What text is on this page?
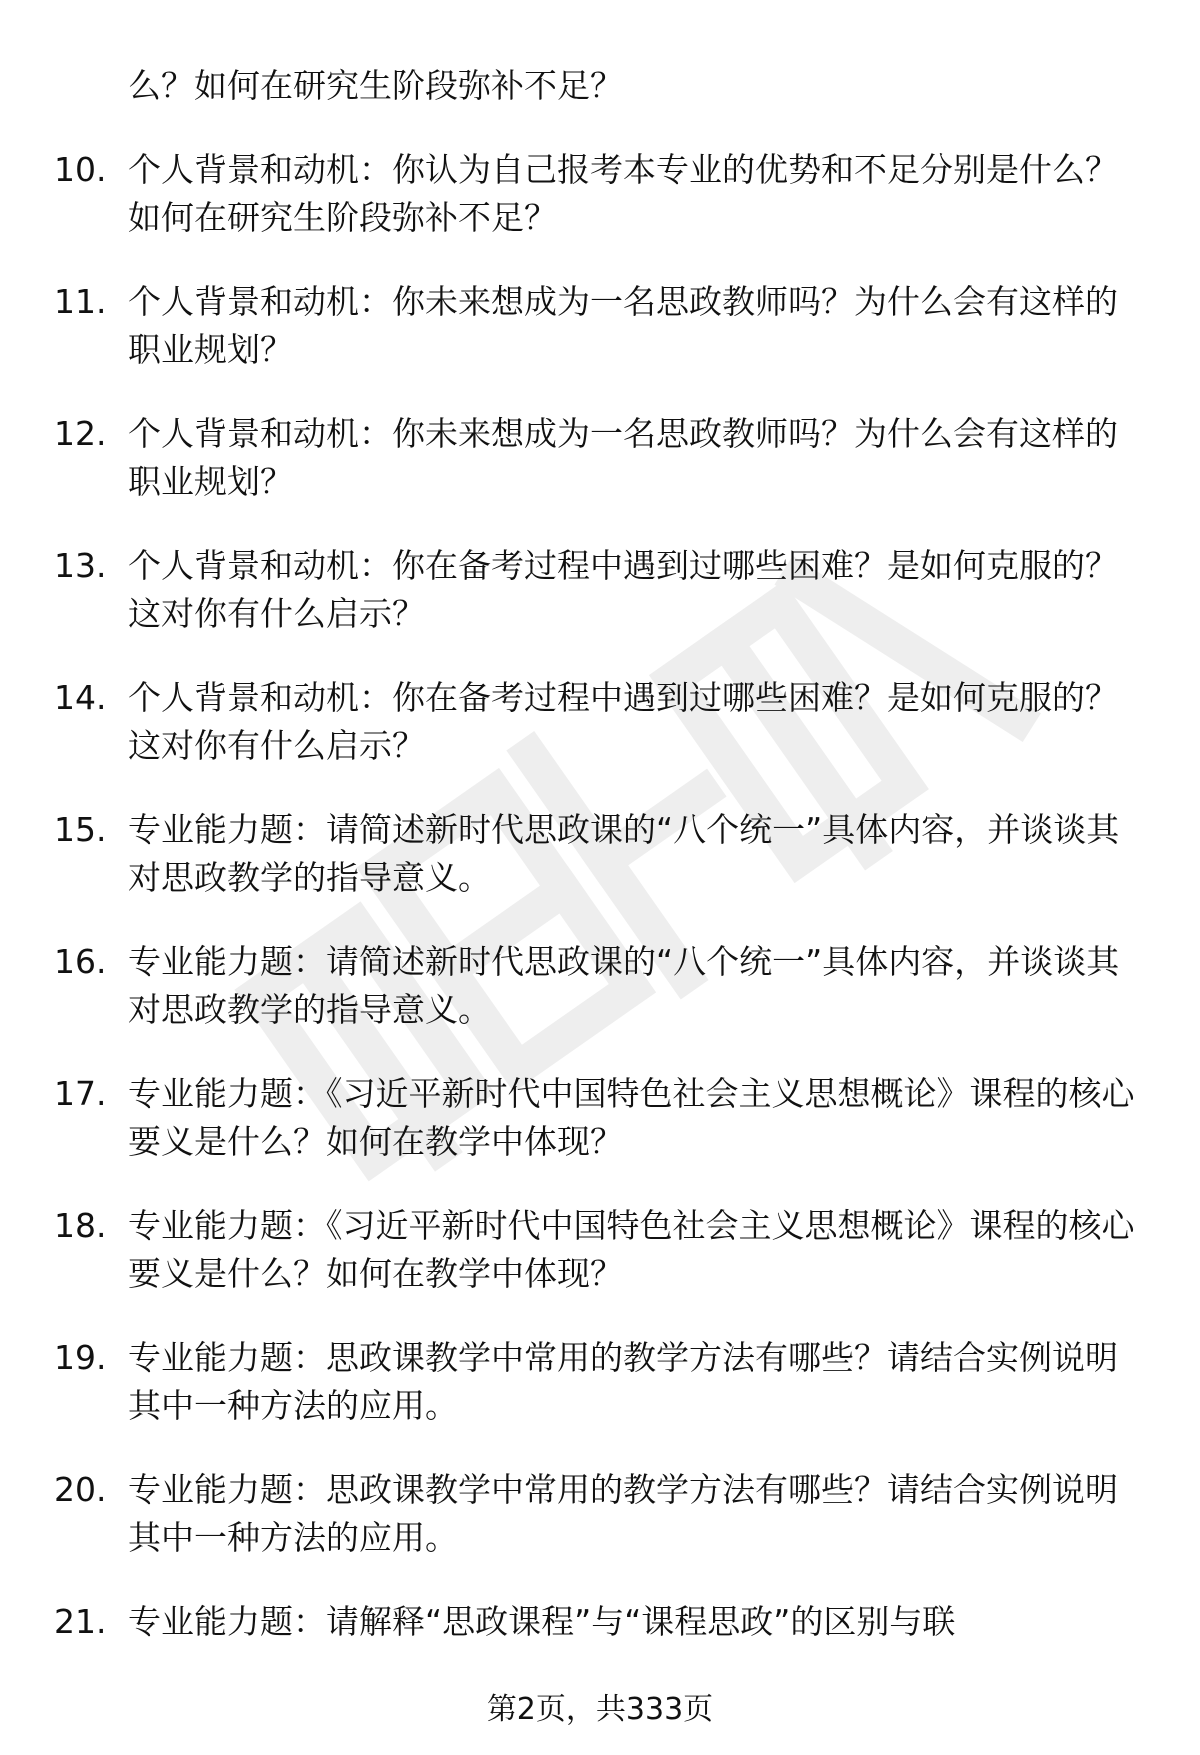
么？如何在研究生阶段弥补不足？
10. 个人背景和动机：你认为自己报考本专业的优势和不足分别是什么？如何在研究生阶段弥补不足？
11. 个人背景和动机：你未来想成为一名思政教师吗？为什么会有这样的职业规划？
12. 个人背景和动机：你未来想成为一名思政教师吗？为什么会有这样的职业规划？
13. 个人背景和动机：你在备考过程中遇到过哪些困难？是如何克服的？这对你有什么启示？
14. 个人背景和动机：你在备考过程中遇到过哪些困难？是如何克服的？这对你有什么启示？
15. 专业能力题：请简述新时代思政课的“八个统一”具体内容，并谈谈其对思政教学的指导意义。
16. 专业能力题：请简述新时代思政课的“八个统一”具体内容，并谈谈其对思政教学的指导意义。
17. 专业能力题：《习近平新时代中国特色社会主义思想概论》课程的核心要义是什么？如何在教学中体现？
18. 专业能力题：《习近平新时代中国特色社会主义思想概论》课程的核心要义是什么？如何在教学中体现？
19. 专业能力题：思政课教学中常用的教学方法有哪些？请结合实例说明其中一种方法的应用。
20. 专业能力题：思政课教学中常用的教学方法有哪些？请结合实例说明其中一种方法的应用。
21. 专业能力题：请解释“思政课程”与“课程思政”的区别与联
第2页，共333页
